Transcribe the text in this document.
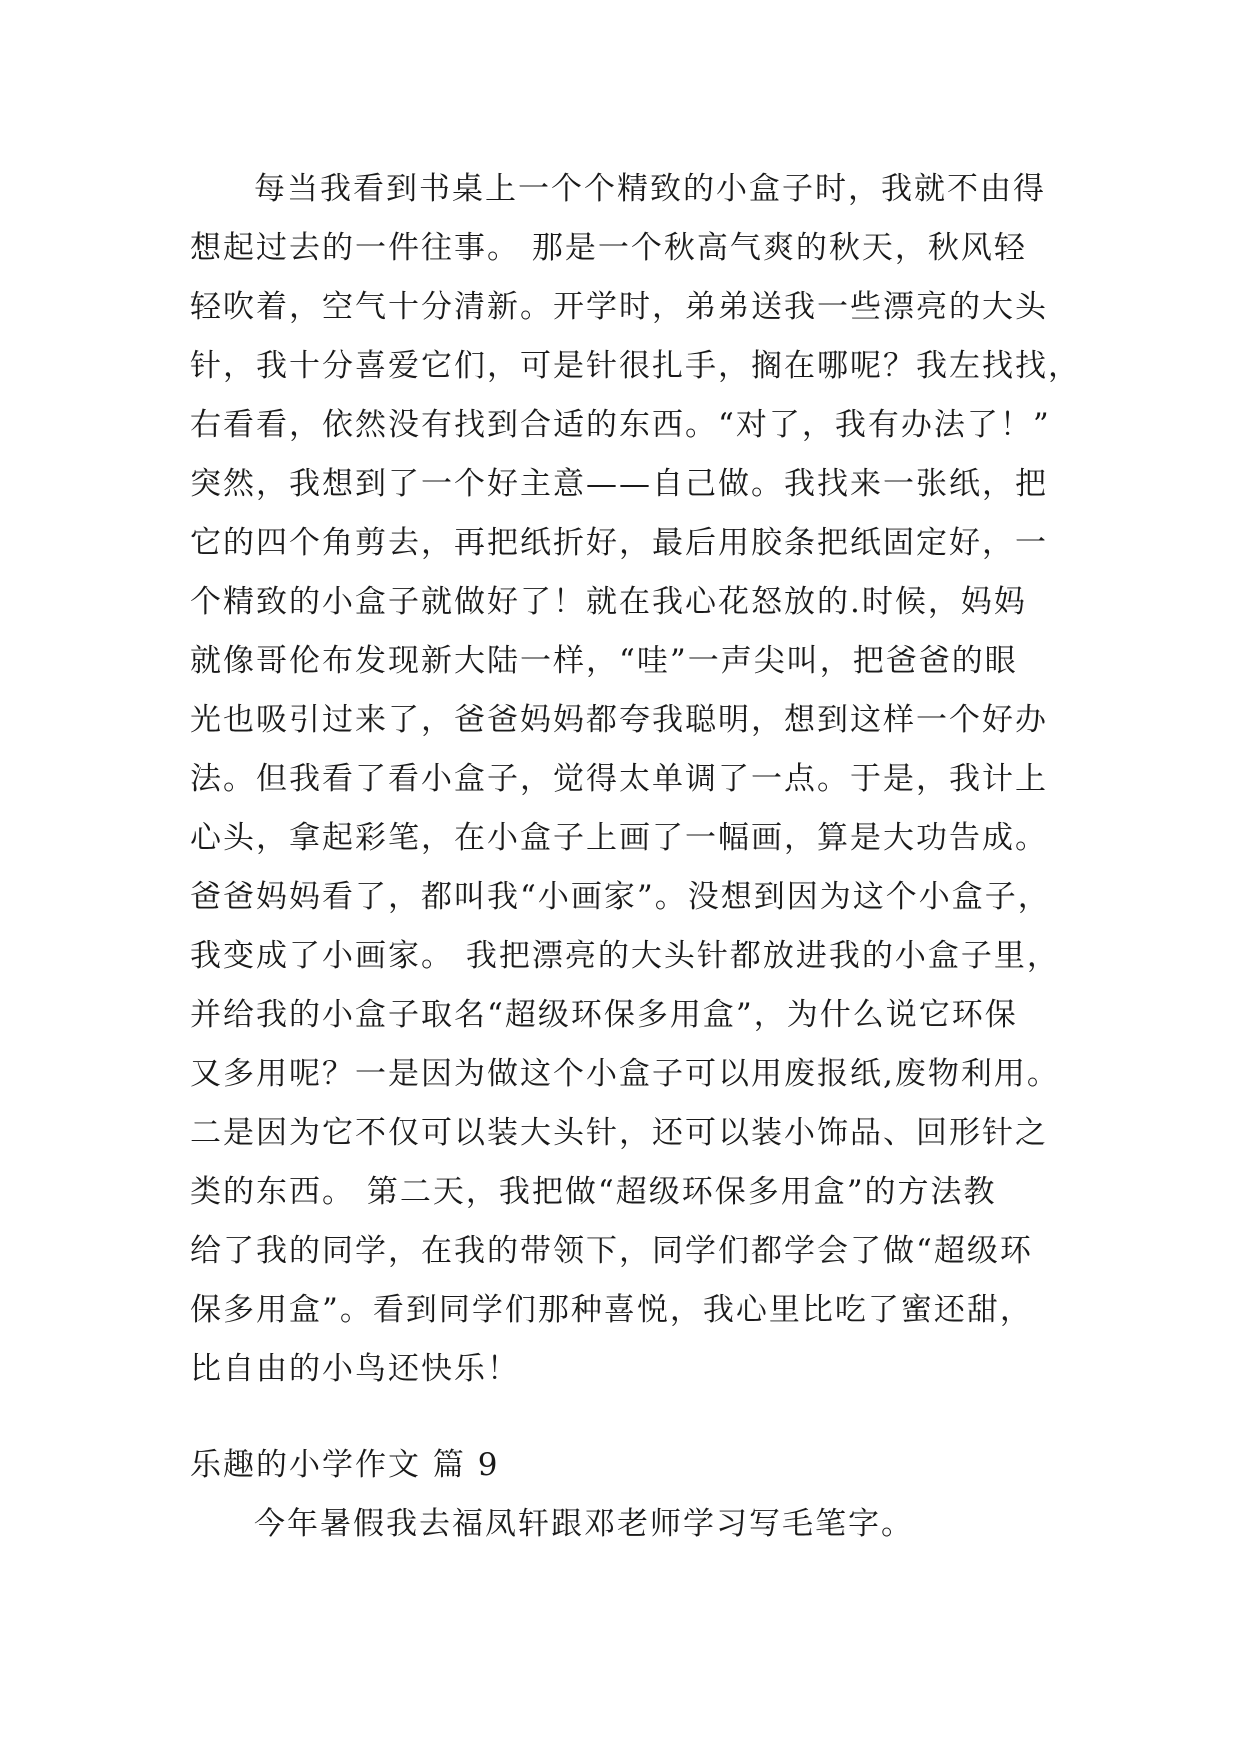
每当我看到书桌上一个个精致的小盒子时，我就不由得
想起过去的一件往事。 那是一个秋高气爽的秋天，秋风轻
轻吹着，空气十分清新。开学时，弟弟送我一些漂亮的大头
针，我十分喜爱它们，可是针很扎手，搁在哪呢？我左找找，
右看看，依然没有找到合适的东西。“对了，我有办法了！”
突然，我想到了一个好主意——自己做。我找来一张纸，把
它的四个角剪去，再把纸折好，最后用胶条把纸固定好，一
个精致的小盒子就做好了！就在我心花怒放的.时候，妈妈
就像哥伦布发现新大陆一样，“哇”一声尖叫，把爸爸的眼
光也吸引过来了，爸爸妈妈都夸我聪明，想到这样一个好办
法。但我看了看小盒子，觉得太单调了一点。于是，我计上
心头，拿起彩笔，在小盒子上画了一幅画，算是大功告成。
爸爸妈妈看了，都叫我“小画家”。没想到因为这个小盒子，
我变成了小画家。 我把漂亮的大头针都放进我的小盒子里，
并给我的小盒子取名“超级环保多用盒”，为什么说它环保
又多用呢？一是因为做这个小盒子可以用废报纸,废物利用。
二是因为它不仅可以装大头针，还可以装小饰品、回形针之
类的东西。 第二天，我把做“超级环保多用盒”的方法教
给了我的同学，在我的带领下，同学们都学会了做“超级环
保多用盒”。看到同学们那种喜悦，我心里比吃了蜜还甜，
比自由的小鸟还快乐！
乐趣的小学作文 篇 9
今年暑假我去福凤轩跟邓老师学习写毛笔字。
